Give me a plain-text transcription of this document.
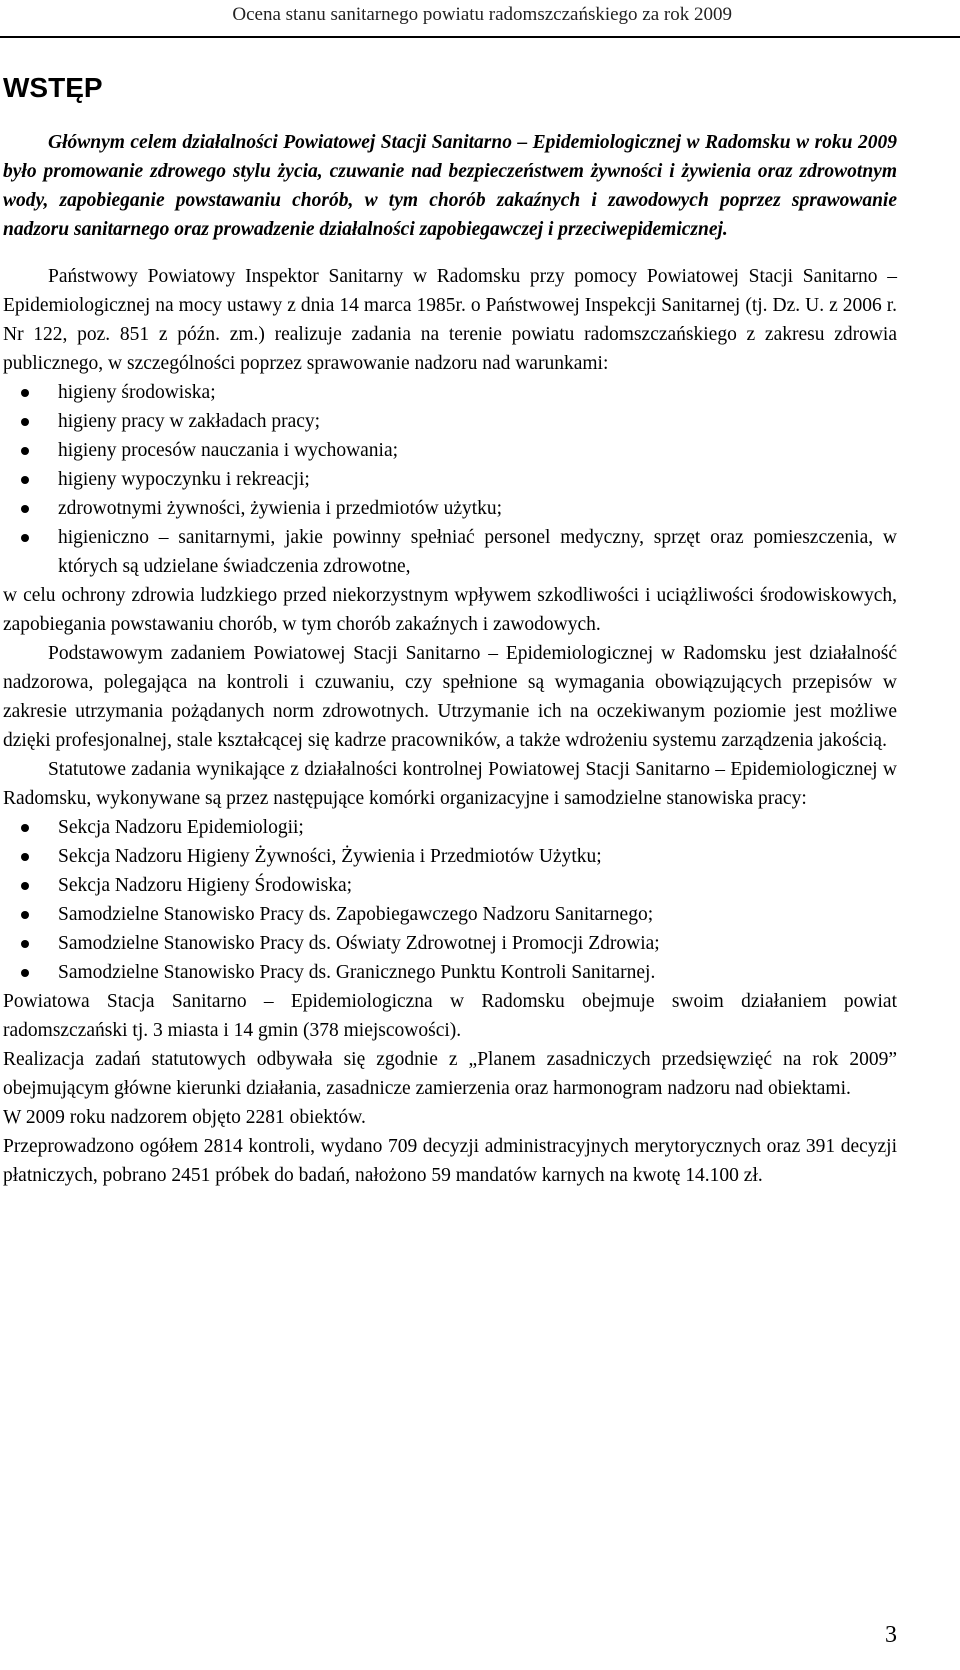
Ocena stanu sanitarnego powiatu radomszczańskiego za rok 2009
WSTĘP

Głównym celem działalności Powiatowej Stacji Sanitarno – Epidemiologicznej w Radomsku w roku 2009 było promowanie zdrowego stylu życia, czuwanie nad bezpieczeństwem żywności i żywienia oraz zdrowotnym wody, zapobieganie powstawaniu chorób, w tym chorób zakaźnych i zawodowych poprzez sprawowanie nadzoru sanitarnego oraz prowadzenie działalności zapobiegawczej i przeciwepidemicznej.

Państwowy Powiatowy Inspektor Sanitarny w Radomsku przy pomocy Powiatowej Stacji Sanitarno – Epidemiologicznej na mocy ustawy z dnia 14 marca 1985r. o Państwowej Inspekcji Sanitarnej (tj. Dz. U. z 2006 r. Nr 122, poz. 851 z późn. zm.) realizuje zadania na terenie powiatu radomszczańskiego z zakresu zdrowia publicznego, w szczególności poprzez sprawowanie nadzoru nad warunkami:

higieny środowiska;
higieny pracy w zakładach pracy;
higieny procesów nauczania i wychowania;
higieny wypoczynku i rekreacji;
zdrowotnymi żywności, żywienia i przedmiotów użytku;
higieniczno – sanitarnymi, jakie powinny spełniać personel medyczny, sprzęt oraz pomieszczenia, w których są udzielane świadczenia zdrowotne,

w celu ochrony zdrowia ludzkiego przed niekorzystnym wpływem szkodliwości i uciążliwości środowiskowych, zapobiegania powstawaniu chorób, w tym chorób zakaźnych i zawodowych.

Podstawowym zadaniem Powiatowej Stacji Sanitarno – Epidemiologicznej w Radomsku jest działalność nadzorowa, polegająca na kontroli i czuwaniu, czy spełnione są wymagania obowiązujących przepisów w zakresie utrzymania pożądanych norm zdrowotnych. Utrzymanie ich na oczekiwanym poziomie jest możliwe dzięki profesjonalnej, stale kształcącej się kadrze pracowników, a także wdrożeniu systemu zarządzenia jakością.

Statutowe zadania wynikające z działalności kontrolnej Powiatowej Stacji Sanitarno – Epidemiologicznej w Radomsku, wykonywane są przez następujące komórki organizacyjne i samodzielne stanowiska pracy:

Sekcja Nadzoru Epidemiologii;
Sekcja Nadzoru Higieny Żywności, Żywienia i Przedmiotów Użytku;
Sekcja Nadzoru Higieny Środowiska;
Samodzielne Stanowisko Pracy ds. Zapobiegawczego Nadzoru Sanitarnego;
Samodzielne Stanowisko Pracy ds. Oświaty Zdrowotnej i Promocji Zdrowia;
Samodzielne Stanowisko Pracy ds. Granicznego Punktu Kontroli Sanitarnej.

Powiatowa Stacja Sanitarno – Epidemiologiczna w Radomsku obejmuje swoim działaniem powiat radomszczański tj. 3 miasta i 14 gmin (378 miejscowości).

Realizacja zadań statutowych odbywała się zgodnie z „Planem zasadniczych przedsięwzięć na rok 2009” obejmującym główne kierunki działania, zasadnicze zamierzenia oraz harmonogram nadzoru nad obiektami.

W 2009 roku nadzorem objęto 2281 obiektów.

Przeprowadzono ogółem 2814 kontroli, wydano 709 decyzji administracyjnych merytorycznych oraz 391 decyzji płatniczych, pobrano 2451 próbek do badań, nałożono 59 mandatów karnych na kwotę 14.100 zł.

3
